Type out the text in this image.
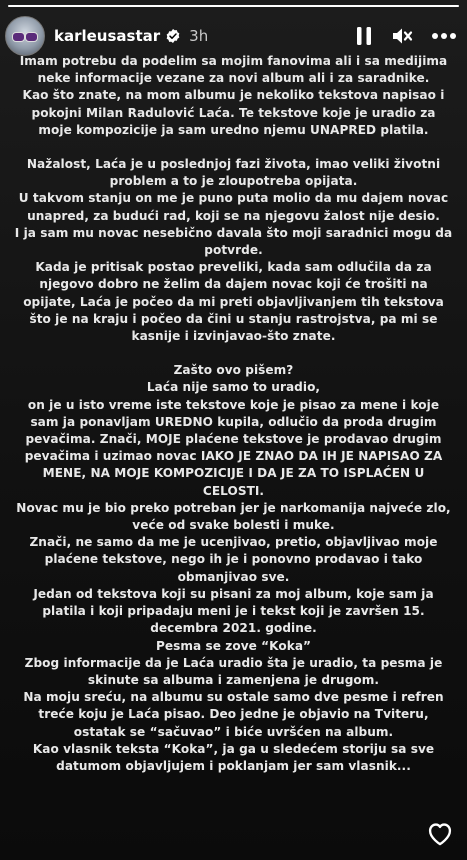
karleusastar 3h

Imam potrebu da podelim sa mojim fanovima ali i sa medijima neke informacije vezane za novi album ali i za saradnike.

Kao što znate, na mom albumu je nekoliko tekstova napisao i pokojni Milan Radulović Laća. Te tekstove koje je uradio za moje kompozicije ja sam uredno njemu UNAPRED platila.

Nažalost, Laća je u poslednjoj fazi života, imao veliki životni problem a to je zloupotreba opijata.

U takvom stanju on me je puno puta molio da mu dajem novac unapred, za budući rad, koji se na njegovu žalost nije desio.

I ja sam mu novac nesebično davala što moji saradnici mogu da potvrde.

Kada je pritisak postao preveliki, kada sam odlučila da za njegovo dobro ne želim da dajem novac koji će trošiti na opijate, Laća je počeo da mi preti objavljivanjem tih tekstova što je na kraju i počeo da čini u stanju rastrojstva, pa mi se kasnije i izvinjavao-što znate.

Zašto ovo pišem?

Laća nije samo to uradio,

on je u isto vreme iste tekstove koje je pisao za mene i koje sam ja ponavljam UREDNO kupila, odlučio da proda drugim pevačima. Znači, MOJE plaćene tekstove je prodavao drugim pevačima i uzimao novac IAKO JE ZNAO DA IH JE NAPISAO ZA MENE, NA MOJE KOMPOZICIJE I DA JE ZA TO ISPLAĆEN U CELOSTI.

Novac mu je bio preko potreban jer je narkomanija najveće zlo, veće od svake bolesti i muke.

Znači, ne samo da me je ucenjivao, pretio, objavljivao moje plaćene tekstove, nego ih je i ponovno prodavao i tako obmanjivao sve.

Jedan od tekstova koji su pisani za moj album, koje sam ja platila i koji pripadaju meni je i tekst koji je završen 15. decembra 2021. godine.

Pesma se zove “Koka”

Zbog informacije da je Laća uradio šta je uradio, ta pesma je skinute sa albuma i zamenjena je drugom.

Na moju sreću, na albumu su ostale samo dve pesme i refren treće koju je Laća pisao. Deo jedne je objavio na Tviteru, ostatak se “sačuvao” i biće uvršćen na album.

Kao vlasnik teksta “Koka”, ja ga u sledećem storiju sa sve datumom objavljujem i poklanjam jer sam vlasnik...
